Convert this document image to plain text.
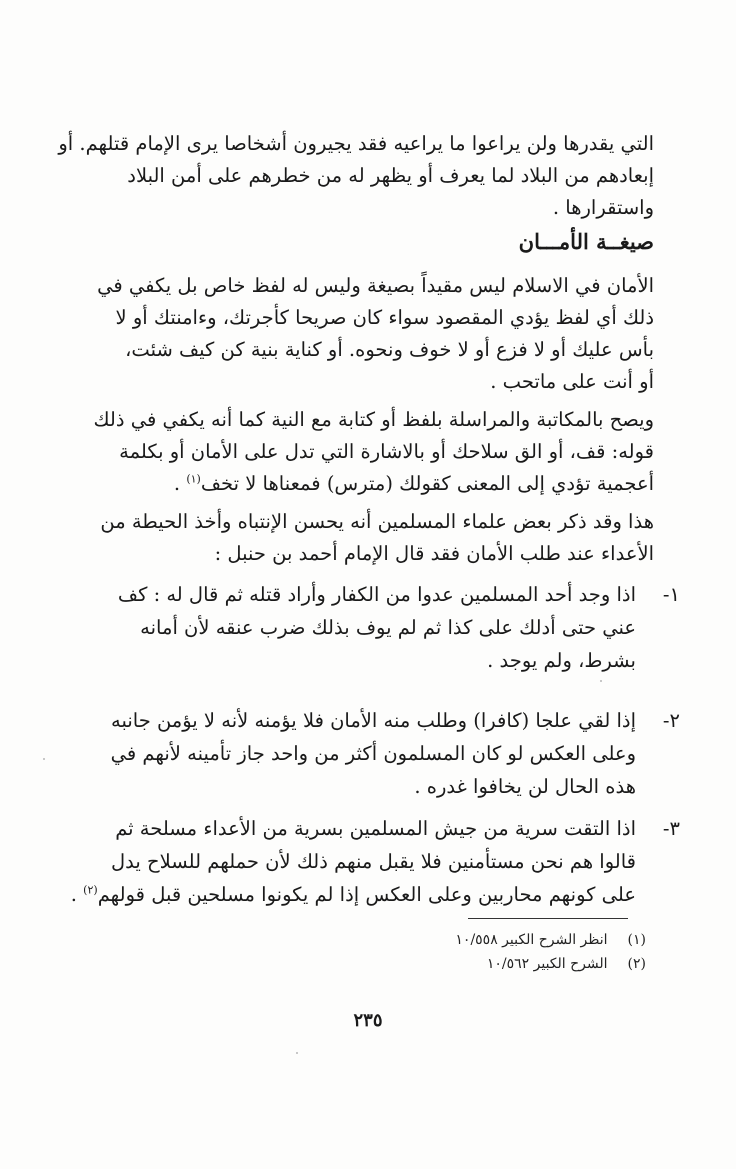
التي يقدرها ولن يراعوا ما يراعيه فقد يجيرون أشخاصا يرى الإمام قتلهم. أو
إبعادهم من البلاد لما يعرف أو يظهر له من خطرهم على أمن البلاد
واستقرارها .
صيغــة الأمـــان
الأمان في الاسلام ليس مقيداً بصيغة وليس له لفظ خاص بل يكفي في
ذلك أي لفظ يؤدي المقصود سواء كان صريحا كأجرتك، وءامنتك أو لا
بأس عليك أو لا فزع أو لا خوف ونحوه. أو كناية بنية كن كيف شئت،
أو أنت على ماتحب .
ويصح بالمكاتبة والمراسلة بلفظ أو كتابة مع النية كما أنه يكفي في ذلك
قوله: قف، أو الق سلاحك أو بالاشارة التي تدل على الأمان أو بكلمة
أعجمية تؤدي إلى المعنى كقولك (مترس) فمعناها لا تخف$^{(١)}$ .
هذا وقد ذكر بعض علماء المسلمين أنه يحسن الإنتباه وأخذ الحيطة من
الأعداء عند طلب الأمان فقد قال الإمام أحمد بن حنبل :
١-
اذا وجد أحد المسلمين عدوا من الكفار وأراد قتله ثم قال له : كف
عني حتى أدلك على كذا ثم لم يوف بذلك ضرب عنقه لأن أمانه
بشرط، ولم يوجد .
٢-
إذا لقي علجا (كافرا) وطلب منه الأمان فلا يؤمنه لأنه لا يؤمن جانبه
وعلى العكس لو كان المسلمون أكثر من واحد جاز تأمينه لأنهم في
هذه الحال لن يخافوا غدره .
٣-
اذا التقت سرية من جيش المسلمين بسرية من الأعداء مسلحة ثم
قالوا هم نحن مستأمنين فلا يقبل منهم ذلك لأن حملهم للسلاح يدل
على كونهم محاربين وعلى العكس إذا لم يكونوا مسلحين قبل قولهم$^{(٢)}$ .
(١) انظر الشرح الكبير ١٠/٥٥٨
(٢) الشرح الكبير ١٠/٥٦٢
٢٣٥
